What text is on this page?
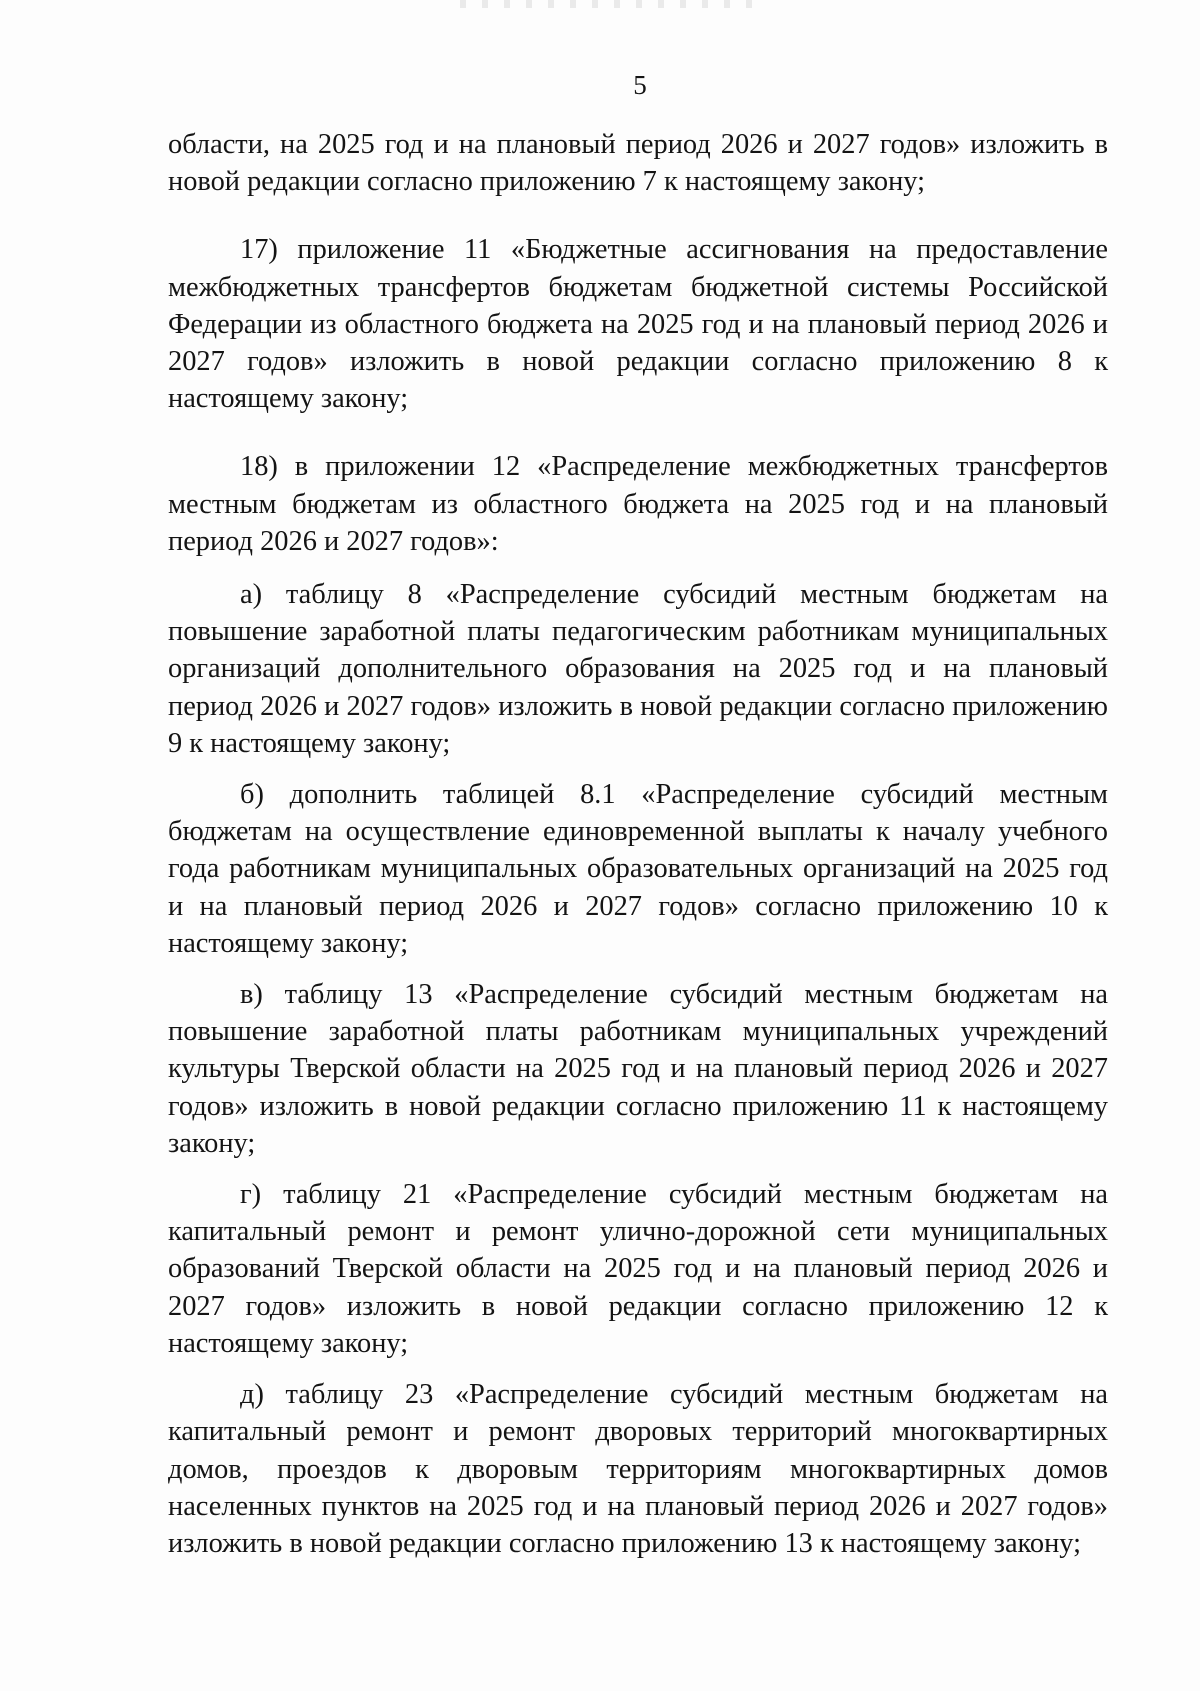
5

области, на 2025 год и на плановый период 2026 и 2027 годов» изложить в новой редакции согласно приложению 7 к настоящему закону;

17) приложение 11 «Бюджетные ассигнования на предоставление межбюджетных трансфертов бюджетам бюджетной системы Российской Федерации из областного бюджета на 2025 год и на плановый период 2026 и 2027 годов» изложить в новой редакции согласно приложению 8 к настоящему закону;

18) в приложении 12 «Распределение межбюджетных трансфертов местным бюджетам из областного бюджета на 2025 год и на плановый период 2026 и 2027 годов»:

а) таблицу 8 «Распределение субсидий местным бюджетам на повышение заработной платы педагогическим работникам муниципальных организаций дополнительного образования на 2025 год и на плановый период 2026 и 2027 годов» изложить в новой редакции согласно приложению 9 к настоящему закону;

б) дополнить таблицей 8.1 «Распределение субсидий местным бюджетам на осуществление единовременной выплаты к началу учебного года работникам муниципальных образовательных организаций на 2025 год и на плановый период 2026 и 2027 годов» согласно приложению 10 к настоящему закону;

в) таблицу 13 «Распределение субсидий местным бюджетам на повышение заработной платы работникам муниципальных учреждений культуры Тверской области на 2025 год и на плановый период 2026 и 2027 годов» изложить в новой редакции согласно приложению 11 к настоящему закону;

г) таблицу 21 «Распределение субсидий местным бюджетам на капитальный ремонт и ремонт улично-дорожной сети муниципальных образований Тверской области на 2025 год и на плановый период 2026 и 2027 годов» изложить в новой редакции согласно приложению 12 к настоящему закону;

д) таблицу 23 «Распределение субсидий местным бюджетам на капитальный ремонт и ремонт дворовых территорий многоквартирных домов, проездов к дворовым территориям многоквартирных домов населенных пунктов на 2025 год и на плановый период 2026 и 2027 годов» изложить в новой редакции согласно приложению 13 к настоящему закону;
